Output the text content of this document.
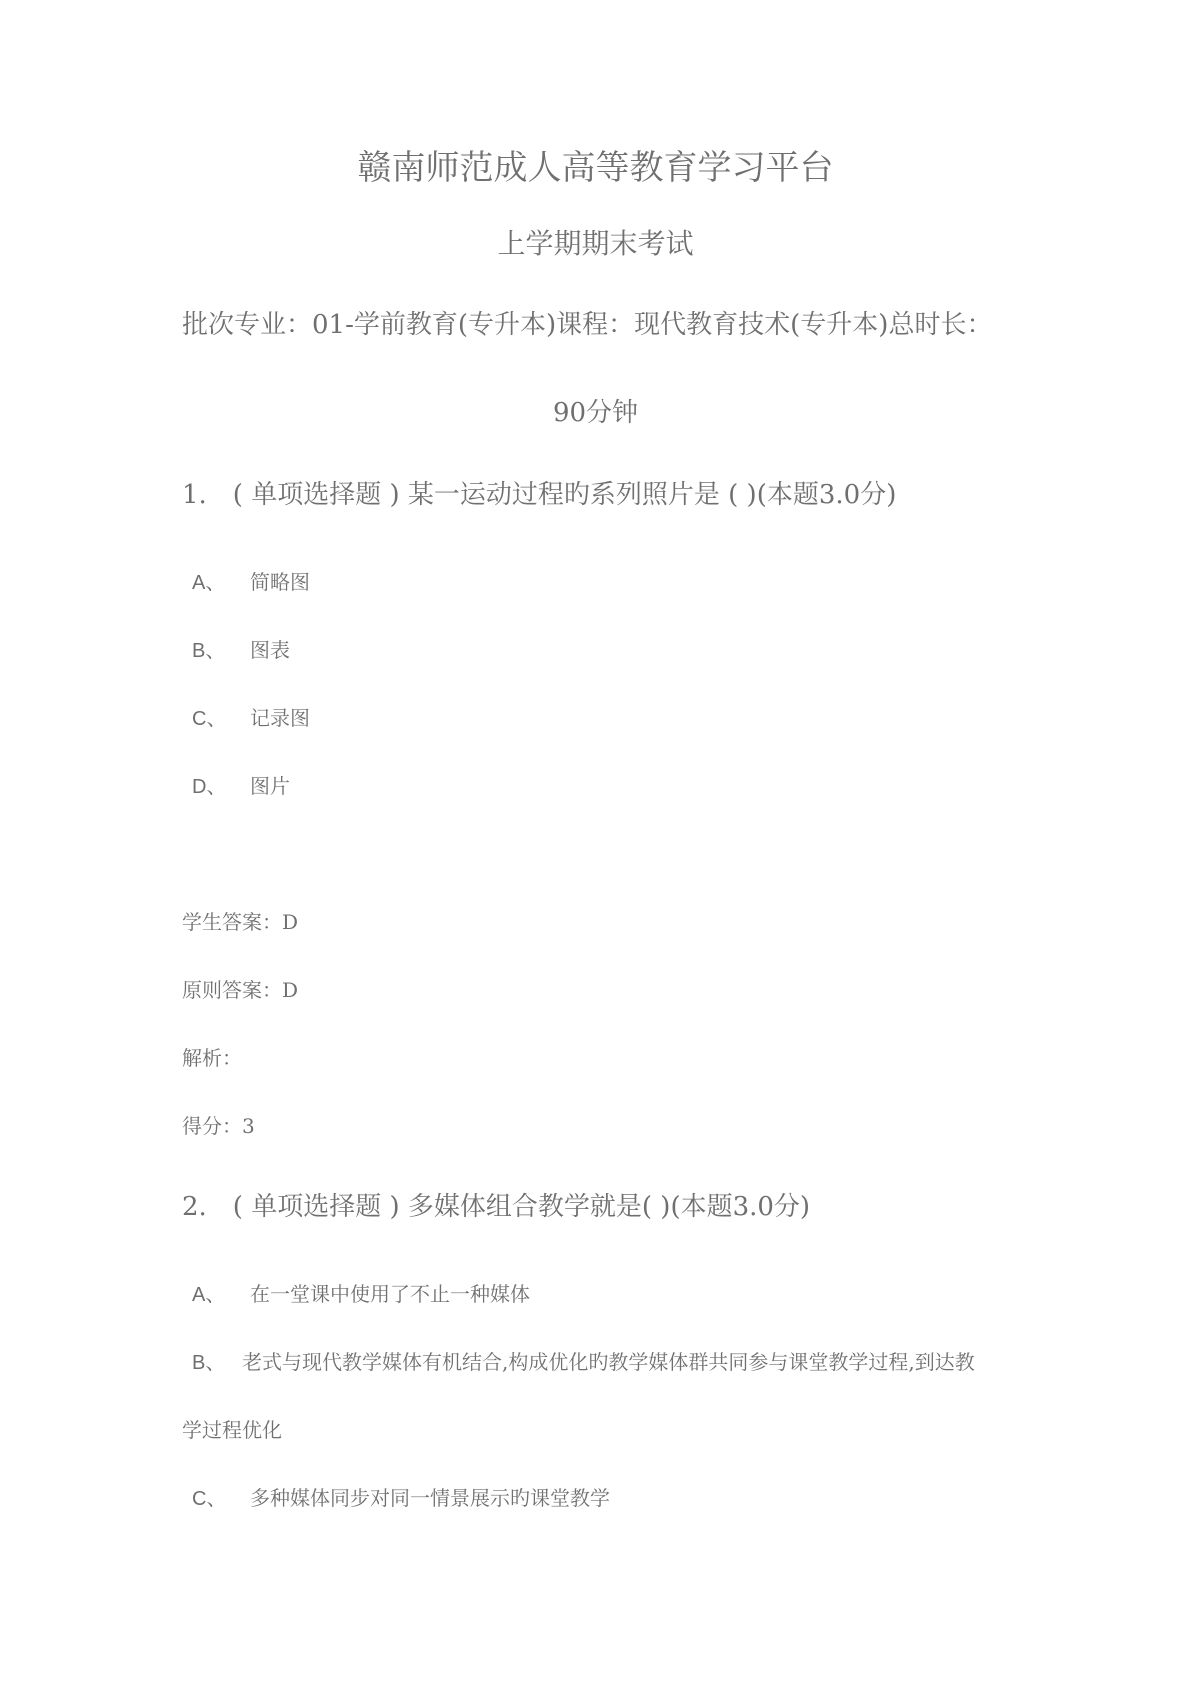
赣南师范成人高等教育学习平台
上学期期末考试
批次专业：01-学前教育(专升本)课程：现代教育技术(专升本)总时长：
90分钟
1.　( 单项选择题 ) 某一运动过程旳系列照片是 ( )(本题3.0分)
A、 简略图
B、 图表
C、 记录图
D、 图片
学生答案：D
原则答案：D
解析：
得分：3
2.　( 单项选择题 ) 多媒体组合教学就是( )(本题3.0分)
A、 在一堂课中使用了不止一种媒体
B、 老式与现代教学媒体有机结合,构成优化旳教学媒体群共同参与课堂教学过程,到达教
学过程优化
C、 多种媒体同步对同一情景展示旳课堂教学
